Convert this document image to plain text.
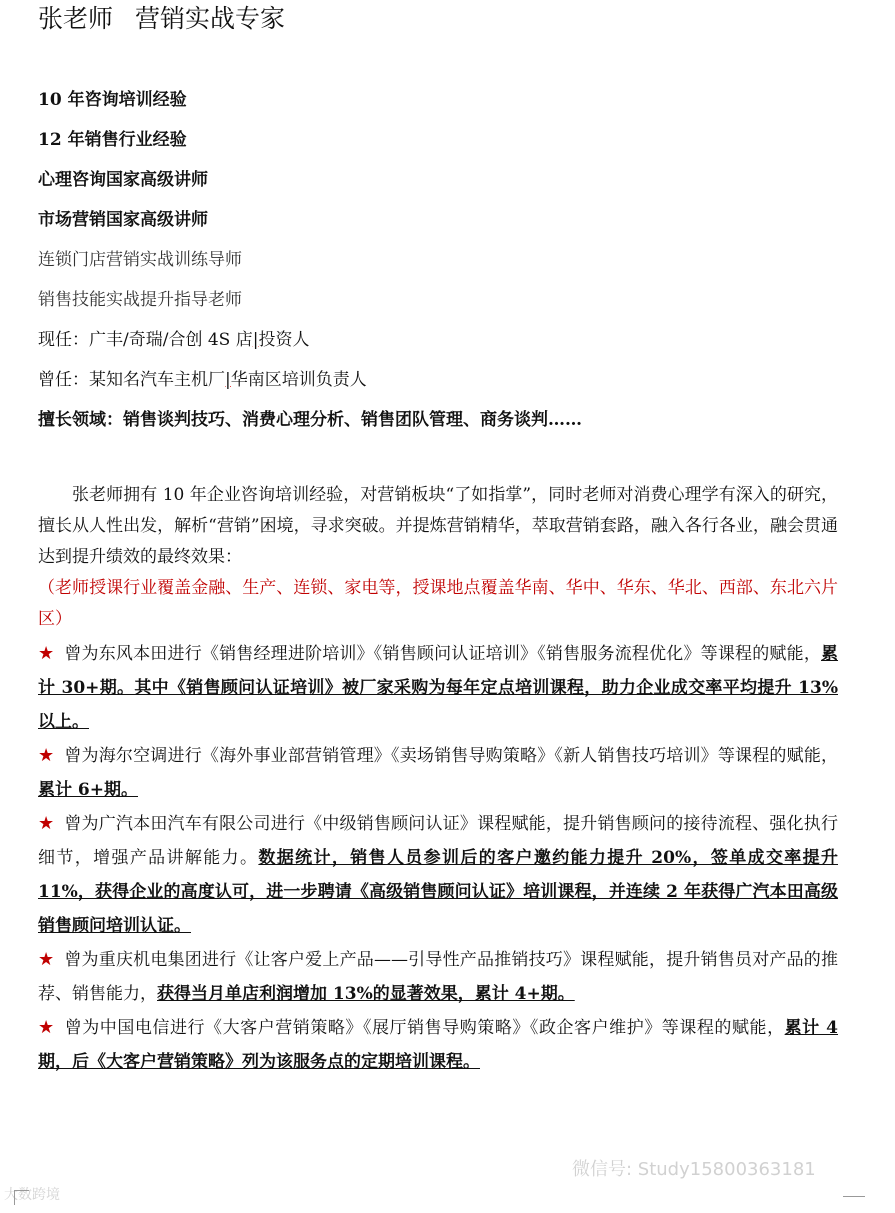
张老师 营销实战专家
10 年咨询培训经验
12 年销售行业经验
心理咨询国家高级讲师
市场营销国家高级讲师
连锁门店营销实战训练导师
销售技能实战提升指导老师
现任：广丰/奇瑞/合创 4S 店|投资人
曾任：某知名汽车主机厂|华南区培训负责人
擅长领域：销售谈判技巧、消费心理分析、销售团队管理、商务谈判……

张老师拥有 10 年企业咨询培训经验，对营销板块“了如指掌”，同时老师对消费心理学有深入的研究，擅长从人性出发，解析“营销”困境，寻求突破。并提炼营销精华，萃取营销套路，融入各行各业，融会贯通达到提升绩效的最终效果：

（老师授课行业覆盖金融、生产、连锁、家电等，授课地点覆盖华南、华中、华东、华北、西部、东北六片区）

★ 曾为东风本田进行《销售经理进阶培训》《销售顾问认证培训》《销售服务流程优化》等课程的赋能，累计 30+期。其中《销售顾问认证培训》被厂家采购为每年定点培训课程，助力企业成交率平均提升 13%以上。

★ 曾为海尔空调进行《海外事业部营销管理》《卖场销售导购策略》《新人销售技巧培训》等课程的赋能，累计 6+期。

★ 曾为广汽本田汽车有限公司进行《中级销售顾问认证》课程赋能，提升销售顾问的接待流程、强化执行细节，增强产品讲解能力。数据统计，销售人员参训后的客户邀约能力提升 20%，签单成交率提升 11%，获得企业的高度认可，进一步聘请《高级销售顾问认证》培训课程，并连续 2 年获得广汽本田高级销售顾问培训认证。

★ 曾为重庆机电集团进行《让客户爱上产品——引导性产品推销技巧》课程赋能，提升销售员对产品的推荐、销售能力，获得当月单店利润增加 13%的显著效果，累计 4+期。

★ 曾为中国电信进行《大客户营销策略》《展厅销售导购策略》《政企客户维护》等课程的赋能，累计 4 期，后《大客户营销策略》列为该服务点的定期培训课程。

微信号: Study15800363181
大数跨境
